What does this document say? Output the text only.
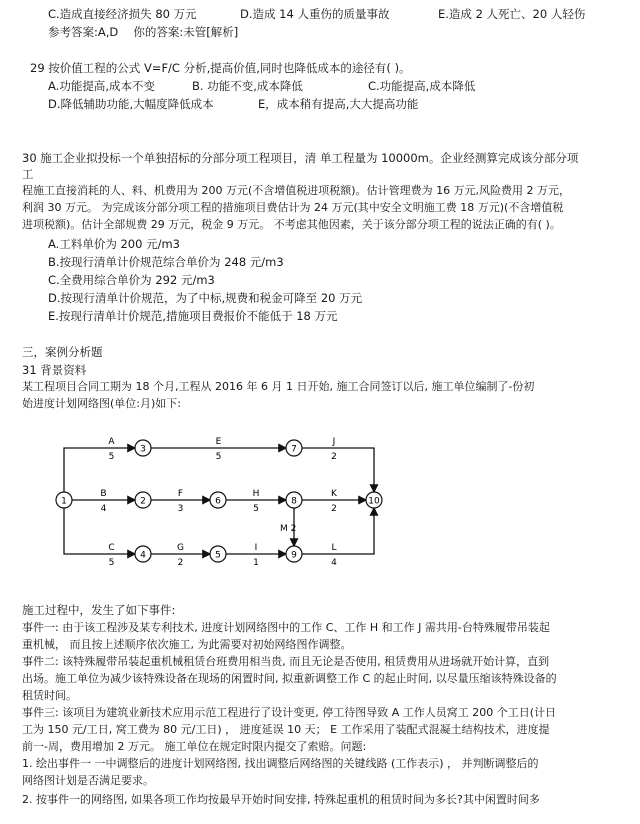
C.造成直接经济损失 80 万元	D.造成 14 人重伤的质量事故	E.造成 2 人死亡、20 人轻伤
参考答案:A,D　 你的答案:未管[解析]
29 按价值工程的公式 V=F/C 分析,提高价值,同时也降低成本的途径有( )。
A.功能提高,成本不变	B. 功能不变,成本降低	C.功能提高,成本降低
D.降低辅助功能,大幅度降低成本	E，成本稍有提高,大大提高功能
30 施工企业拟投标一个单独招标的分部分项工程项目，清 单工程量为 10000m。企业经测算完成该分部分项
工
程施工直接消耗的人、料、机费用为 200 万元(不含增值税进项税额)。估计管理费为 16 万元,风险费用 2 万元，
利润 30 万元。 为完成该分部分项工程的措施项目费估计为 24 万元(其中安全文明施工费 18 万元)(不含增值税
进项税额)。估计全部规费 29 万元，税金 9 万元。 不考虑其他因素，关于该分部分项工程的说法正确的有( )。
A.工料单价为 200 元/m3
B.按现行清单计价规范综合单价为 248 元/m3
C.全费用综合单价为 292 元/m3
D.按现行清单计价规范，为了中标,规费和税金可降至 20 万元
E.按现行清单计价规范,措施项目费报价不能低于 18 万元
三，案例分析题
31 背景资料
某工程项目合同工期为 18 个月,工程从 2016 年 6 月 1 日开始, 施工合同签订以后, 施工单位编制了-份初
始进度计划网络图(单位:月)如下:
1
3	7
2	6	8	10
4	5	9
A
5
E
5
J
2
B
4
F
3
H
5
K
2
C
5
G
2
I
1
L
4
M 2
施工过程中，发生了如下事件:
事件一: 由于该工程涉及某专利技术, 进度计划网络图中的工作 C、工作 H 和工作 J 需共用-台特殊履带吊装起
重机械， 而且按上述顺序依次施工, 为此需要对初始网络图作调整。
事件二: 该特殊履带吊装起重机械租赁台班费用相当贵, 而且无论是否使用, 租赁费用从进场就开始计算，直到
出场。施工单位为减少该特殊设备在现场的闲置时间, 拟重新调整工作 C 的起止时间, 以尽量压缩该特殊设备的
租赁时间。
事件三: 该项目为建筑业新技术应用示范工程进行了设计变更, 停工待图导致 A 工作人员窝工 200 个工日(计日
工为 150 元/工日, 窝工费为 80 元/工日) ， 进度延误 10 天； E 工作采用了装配式混凝土结构技术，进度提
前一-周，费用增加 2 万元。 施工单位在规定时限内提交了索赔。问题:
1. 绘出事件一 一中调整后的进度计划网络图, 找出调整后网络图的关键线路 (工作表示) ， 并判断调整后的
网络图计划是否满足要求。
2. 按事件一的网络图, 如果各项工作均按最早开始时间安排, 特殊起重机的租赁时间为多长?其中闲置时间多
